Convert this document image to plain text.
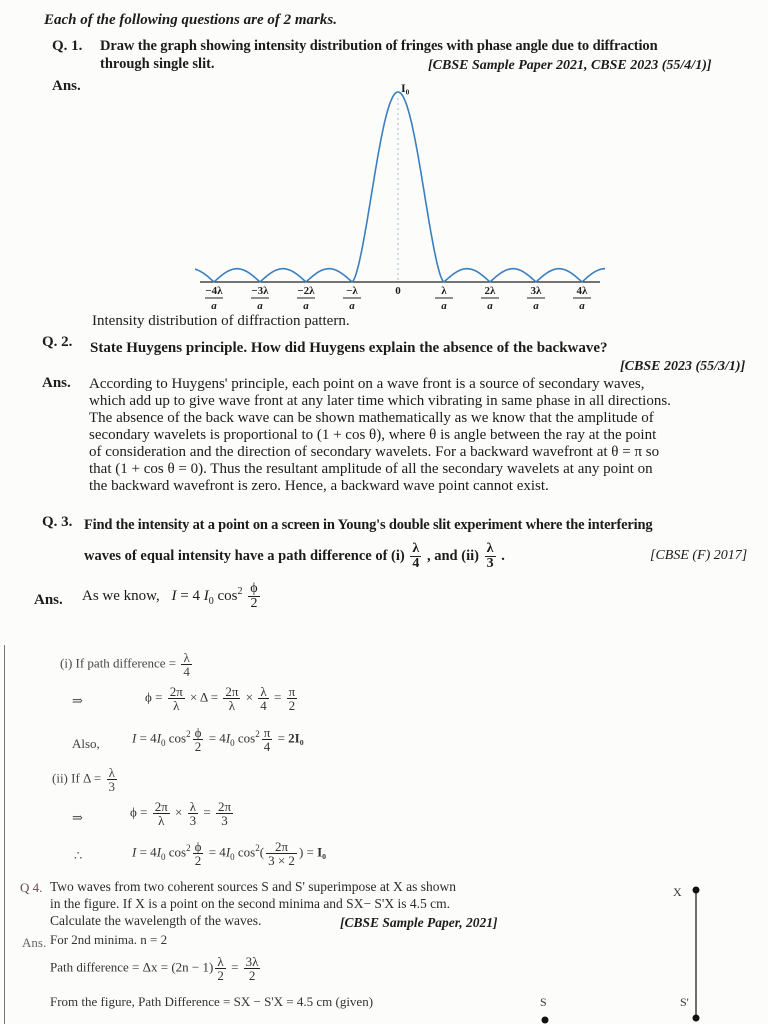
Each of the following questions are of 2 marks.
Q. 1. Draw the graph showing intensity distribution of fringes with phase angle due to diffraction
through single slit.	[CBSE Sample Paper 2021, CBSE 2023 (55/4/1)]
Ans.	I₀
−4λ
a
−3λ
a
−2λ
a
−λ
a
0	λ
a
2λ
a
3λ
a
4λ
a
Intensity distribution of diffraction pattern.
Q. 2. State Huygens principle. How did Huygens explain the absence of the backwave?
[CBSE 2023 (55/3/1)]
Ans. According to Huygens' principle, each point on a wave front is a source of secondary waves,
which add up to give wave front at any later time which vibrating in same phase in all directions.
The absence of the back wave can be shown mathematically as we know that the amplitude of
secondary wavelets is proportional to (1 + cos θ), where θ is angle between the ray at the point
of consideration and the direction of secondary wavelets. For a backward wavefront at θ = π so
that (1 + cos θ = 0). Thus the resultant amplitude of all the secondary wavelets at any point on
the backward wavefront is zero. Hence, a backward wave point cannot exist.
Q. 3. Find the intensity at a point on a screen in Young's double slit experiment where the interfering
waves of equal intensity have a path difference of $(i) \frac{\lambda}{4}$ , and $(ii) \frac{\lambda}{3}$ .	[CBSE (F) 2017]
Ans. As we know, I = 4 $I_0$ $\cos^2 \frac{\phi}{2}$
(i) If path difference = $\frac{\lambda}{4}$
⇒	$\phi = \frac{2\pi}{\lambda} \times \Delta = \frac{2\pi}{\lambda} \times \frac{\lambda}{4} = \frac{\pi}{2}$
Also, $I = 4I_0$ $\cos^2 \frac{\phi}{2} = 4I_0$ $\cos^2 \frac{\pi}{4} = 2I_0$
(ii) If $\Delta = \frac{\lambda}{3}$
⇒	$\phi = \frac{2\pi}{\lambda} \times \frac{\lambda}{3} = \frac{2\pi}{3}$
∴	$I = 4I_0$ $\cos^2 \frac{\phi}{2} = 4I_0$ $\cos^2( \frac{2\pi}{3 \times 2}$ ) = I₀
Q 4. Two waves from two coherent sources S and S' superimpose at X as shown
in the figure. If X is a point on the second minima and SX− S'X is 4.5 cm.
Calculate the wavelength of the waves.	[CBSE Sample Paper, 2021]
Ans. For 2nd minima. n = 2
Path difference = $\Delta x = (2n - 1) \frac{\lambda}{2} = \frac{3\lambda}{2}$
From the figure, Path Difference = SX − S'X = 4.5 cm (given)
X
S	S'
